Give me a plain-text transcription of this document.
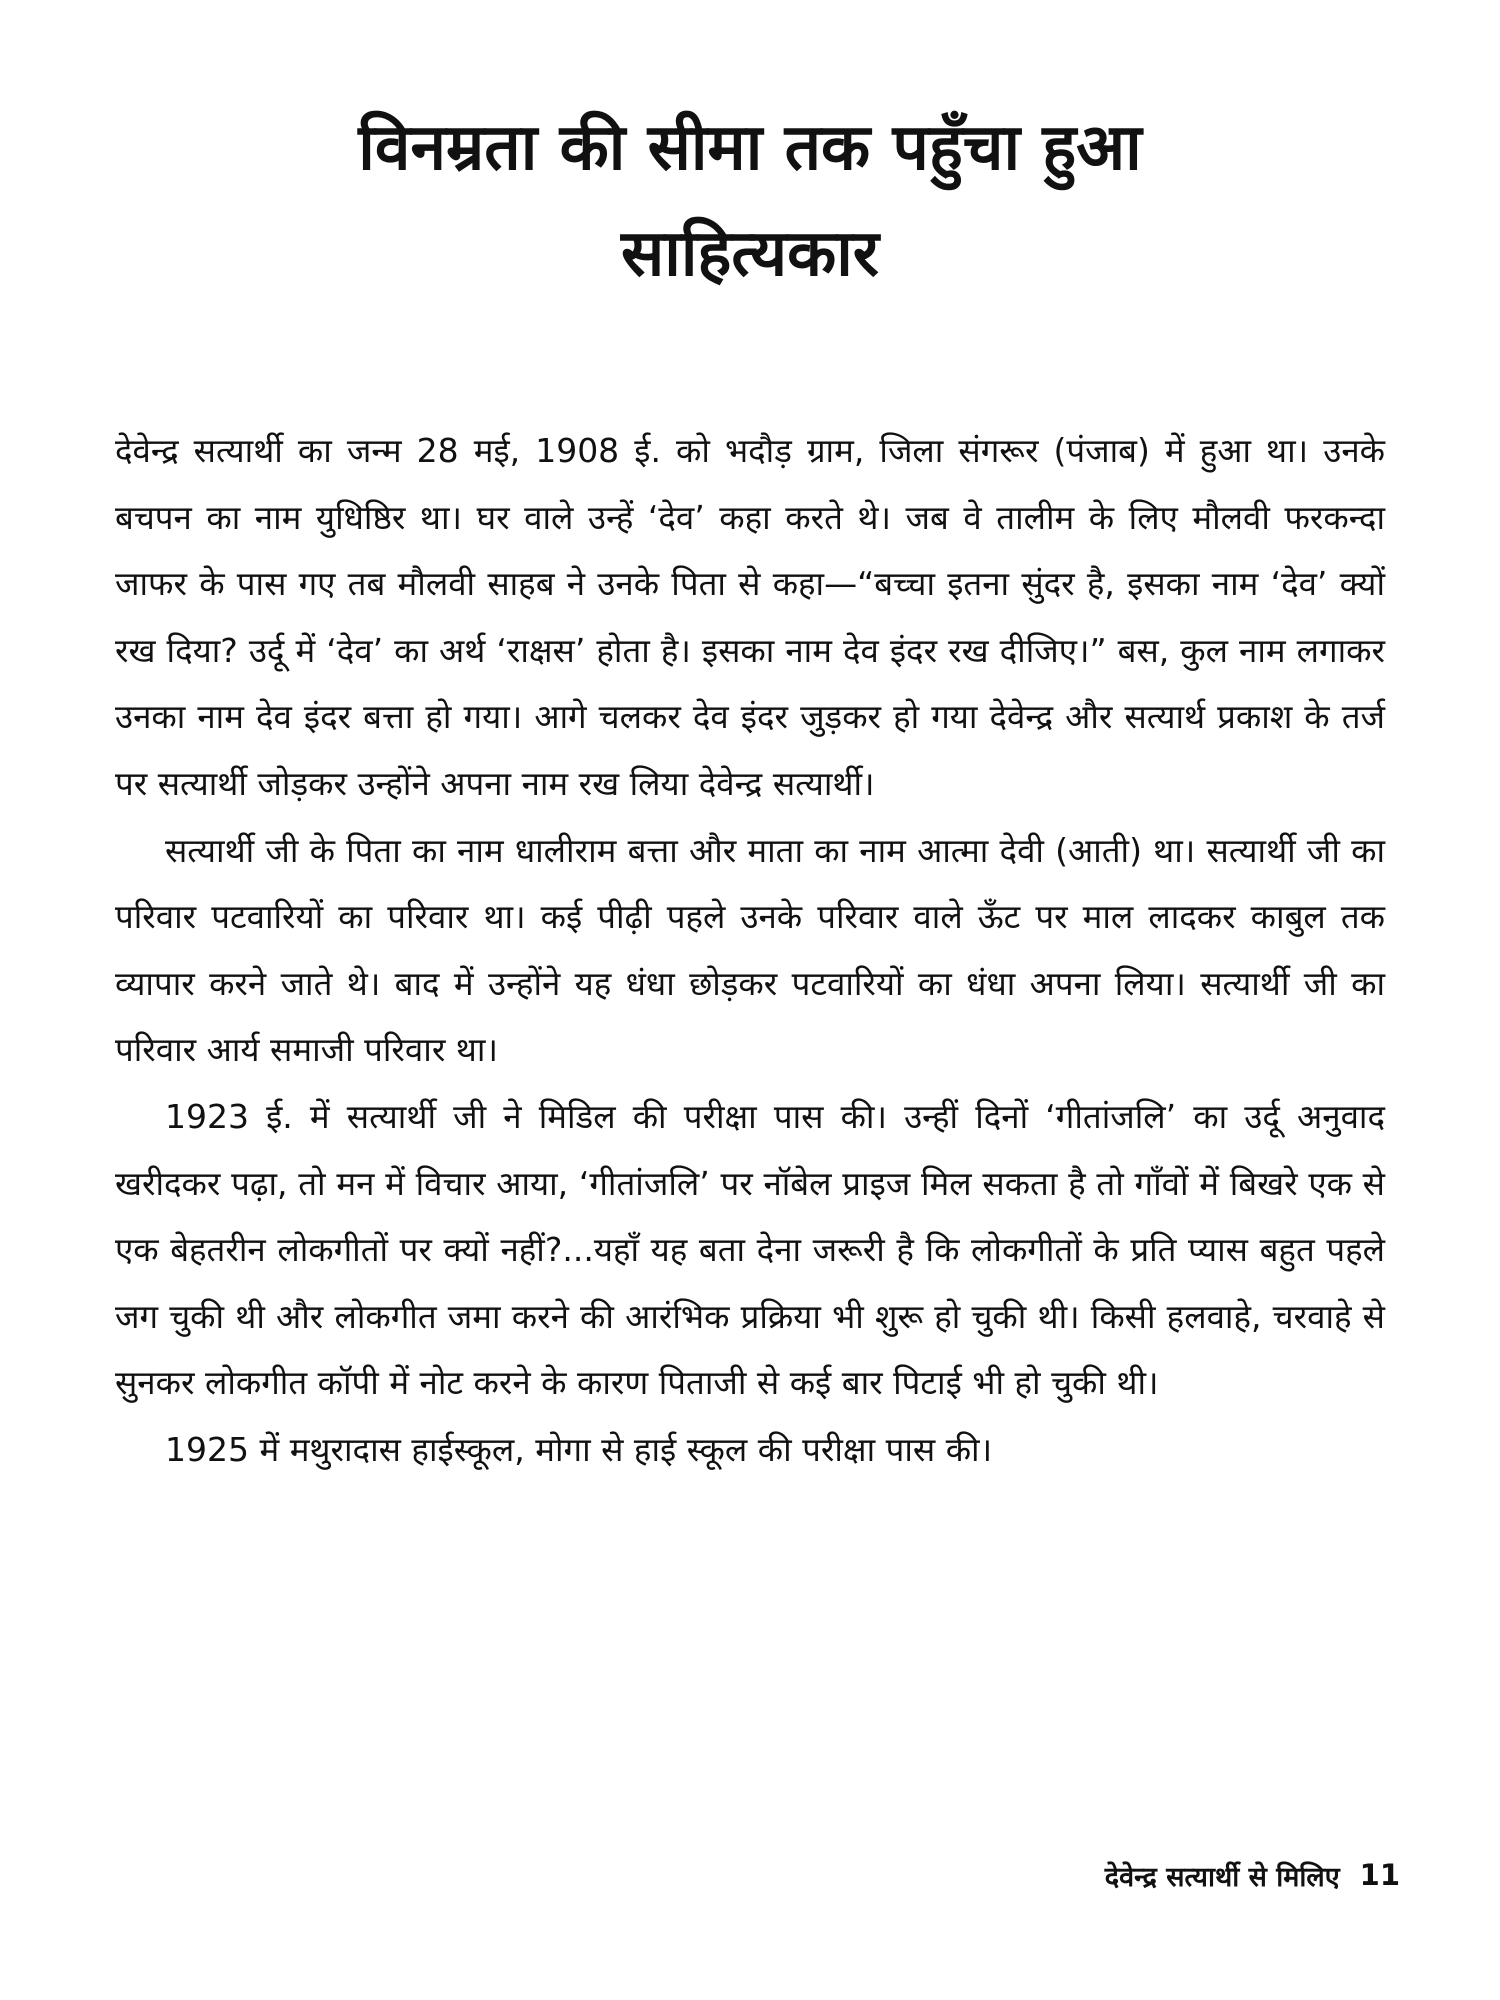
विनम्रता की सीमा तक पहुँचा हुआ
साहित्यकार

देवेन्द्र सत्यार्थी का जन्म 28 मई, 1908 ई. को भदौड़ ग्राम, जिला संगरूर (पंजाब) में हुआ था। उनके बचपन का नाम युधिष्ठिर था। घर वाले उन्हें ‘देव’ कहा करते थे। जब वे तालीम के लिए मौलवी फरकन्दा जाफर के पास गए तब मौलवी साहब ने उनके पिता से कहा—“बच्चा इतना सुंदर है, इसका नाम ‘देव’ क्यों रख दिया? उर्दू में ‘देव’ का अर्थ ‘राक्षस’ होता है। इसका नाम देव इंदर रख दीजिए।” बस, कुल नाम लगाकर उनका नाम देव इंदर बत्ता हो गया। आगे चलकर देव इंदर जुड़कर हो गया देवेन्द्र और सत्यार्थ प्रकाश के तर्ज पर सत्यार्थी जोड़कर उन्होंने अपना नाम रख लिया देवेन्द्र सत्यार्थी।

सत्यार्थी जी के पिता का नाम धालीराम बत्ता और माता का नाम आत्मा देवी (आती) था। सत्यार्थी जी का परिवार पटवारियों का परिवार था। कई पीढ़ी पहले उनके परिवार वाले ऊँट पर माल लादकर काबुल तक व्यापार करने जाते थे। बाद में उन्होंने यह धंधा छोड़कर पटवारियों का धंधा अपना लिया। सत्यार्थी जी का परिवार आर्य समाजी परिवार था।

1923 ई. में सत्यार्थी जी ने मिडिल की परीक्षा पास की। उन्हीं दिनों ‘गीतांजलि’ का उर्दू अनुवाद खरीदकर पढ़ा, तो मन में विचार आया, ‘गीतांजलि’ पर नॉबेल प्राइज मिल सकता है तो गाँवों में बिखरे एक से एक बेहतरीन लोकगीतों पर क्यों नहीं?...यहाँ यह बता देना जरूरी है कि लोकगीतों के प्रति प्यास बहुत पहले जग चुकी थी और लोकगीत जमा करने की आरंभिक प्रक्रिया भी शुरू हो चुकी थी। किसी हलवाहे, चरवाहे से सुनकर लोकगीत कॉपी में नोट करने के कारण पिताजी से कई बार पिटाई भी हो चुकी थी।

1925 में मथुरादास हाईस्कूल, मोगा से हाई स्कूल की परीक्षा पास की।

देवेन्द्र सत्यार्थी से मिलिए 11
